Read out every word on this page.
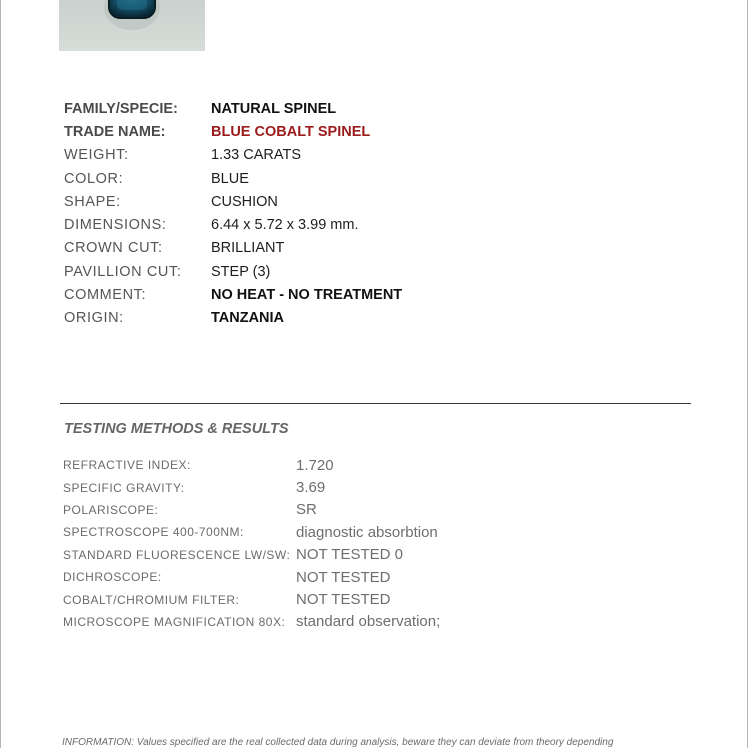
FAMILY/SPECIE:	NATURAL SPINEL
TRADE NAME:	BLUE COBALT SPINEL
WEIGHT:	1.33 CARATS
COLOR:	BLUE
SHAPE:	CUSHION
DIMENSIONS:	6.44 x 5.72 x 3.99 mm.
CROWN CUT:	BRILLIANT
PAVILLION CUT:	STEP (3)
COMMENT:	NO HEAT - NO TREATMENT
ORIGIN:	TANZANIA
TESTING METHODS & RESULTS
REFRACTIVE INDEX:	1.720
SPECIFIC GRAVITY:	3.69
POLARISCOPE:	SR
SPECTROSCOPE 400-700NM:	diagnostic absorbtion
STANDARD FLUORESCENCE LW/SW: NOT TESTED 0
DICHROSCOPE:	NOT TESTED
COBALT/CHROMIUM FILTER:	NOT TESTED
MICROSCOPE MAGNIFICATION 80X: standard observation;
INFORMATION: Values specified are the real collected data during analysis, beware they can deviate from theory depending
